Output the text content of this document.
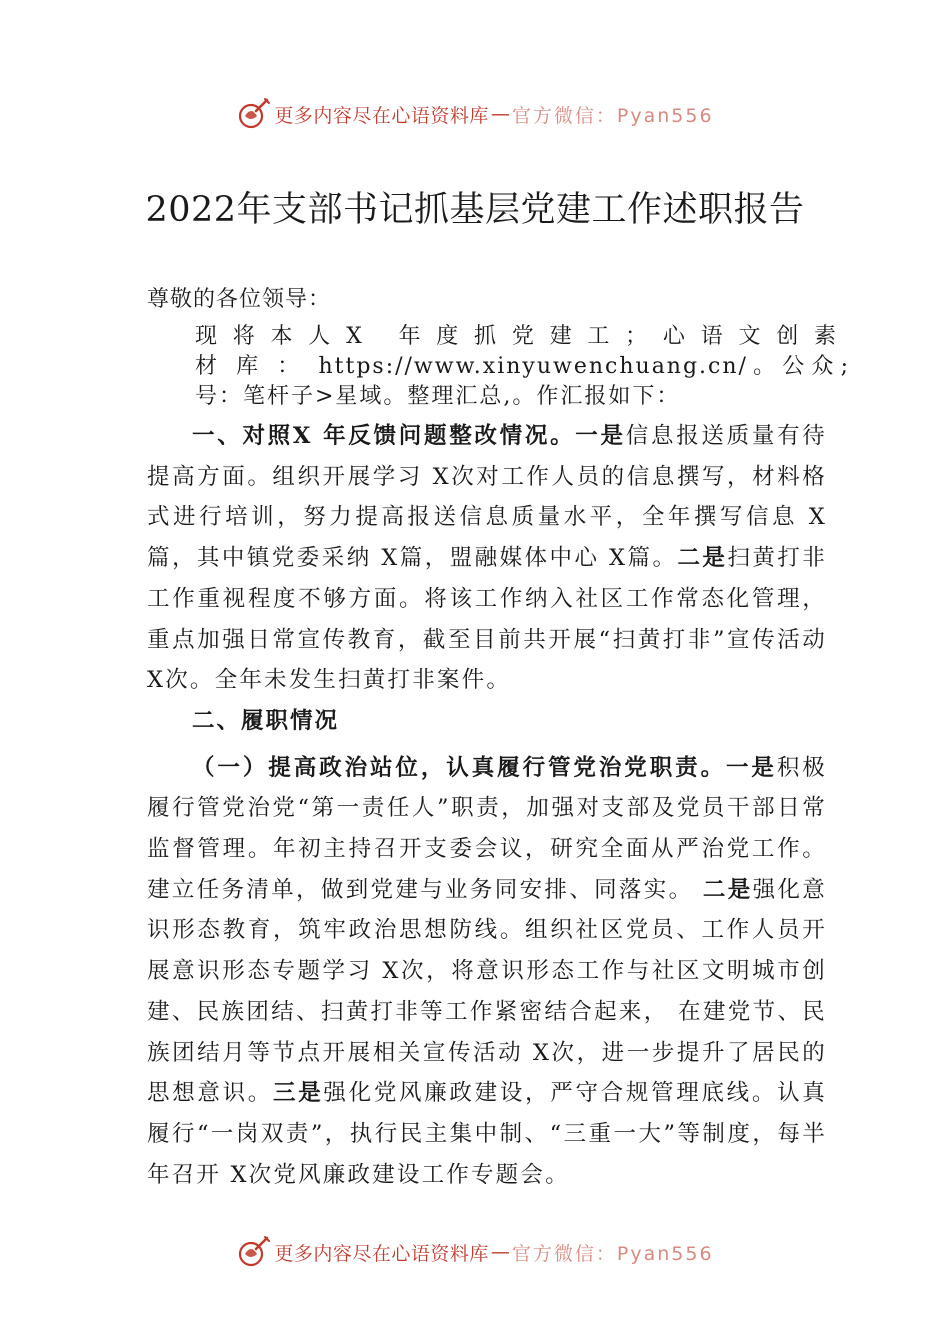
更多内容尽在心语资料库 — 官方微信：Pyan556
2022年支部书记抓基层党建工作述职报告

尊敬的各位领导：

现将本人X 年度抓党建工；心语文创素材库：https://www.xinyuwenchuang.cn/。公众;号：笔杆子>星域。整理汇总,。作汇报如下：

一、对照X 年反馈问题整改情况。一是信息报送质量有待提高方面。组织开展学习 X次对工作人员的信息撰写，材料格式进行培训，努力提高报送信息质量水平，全年撰写信息 X篇，其中镇党委采纳 X篇，盟融媒体中心 X篇。二是扫黄打非工作重视程度不够方面。将该工作纳入社区工作常态化管理，重点加强日常宣传教育，截至目前共开展“扫黄打非”宣传活动 X次。全年未发生扫黄打非案件。

二、履职情况

（一）提高政治站位，认真履行管党治党职责。一是积极履行管党治党“第一责任人”职责，加强对支部及党员干部日常监督管理。年初主持召开支委会议，研究全面从严治党工作。建立任务清单，做到党建与业务同安排、同落实。 二是强化意识形态教育，筑牢政治思想防线。组织社区党员、工作人员开展意识形态专题学习 X次，将意识形态工作与社区文明城市创建、民族团结、扫黄打非等工作紧密结合起来， 在建党节、民族团结月等节点开展相关宣传活动 X次，进一步提升了居民的思想意识。三是强化党风廉政建设，严守合规管理底线。认真履行“一岗双责”，执行民主集中制、“三重一大”等制度，每半年召开 X次党风廉政建设工作专题会。

更多内容尽在心语资料库 — 官方微信：Pyan556
